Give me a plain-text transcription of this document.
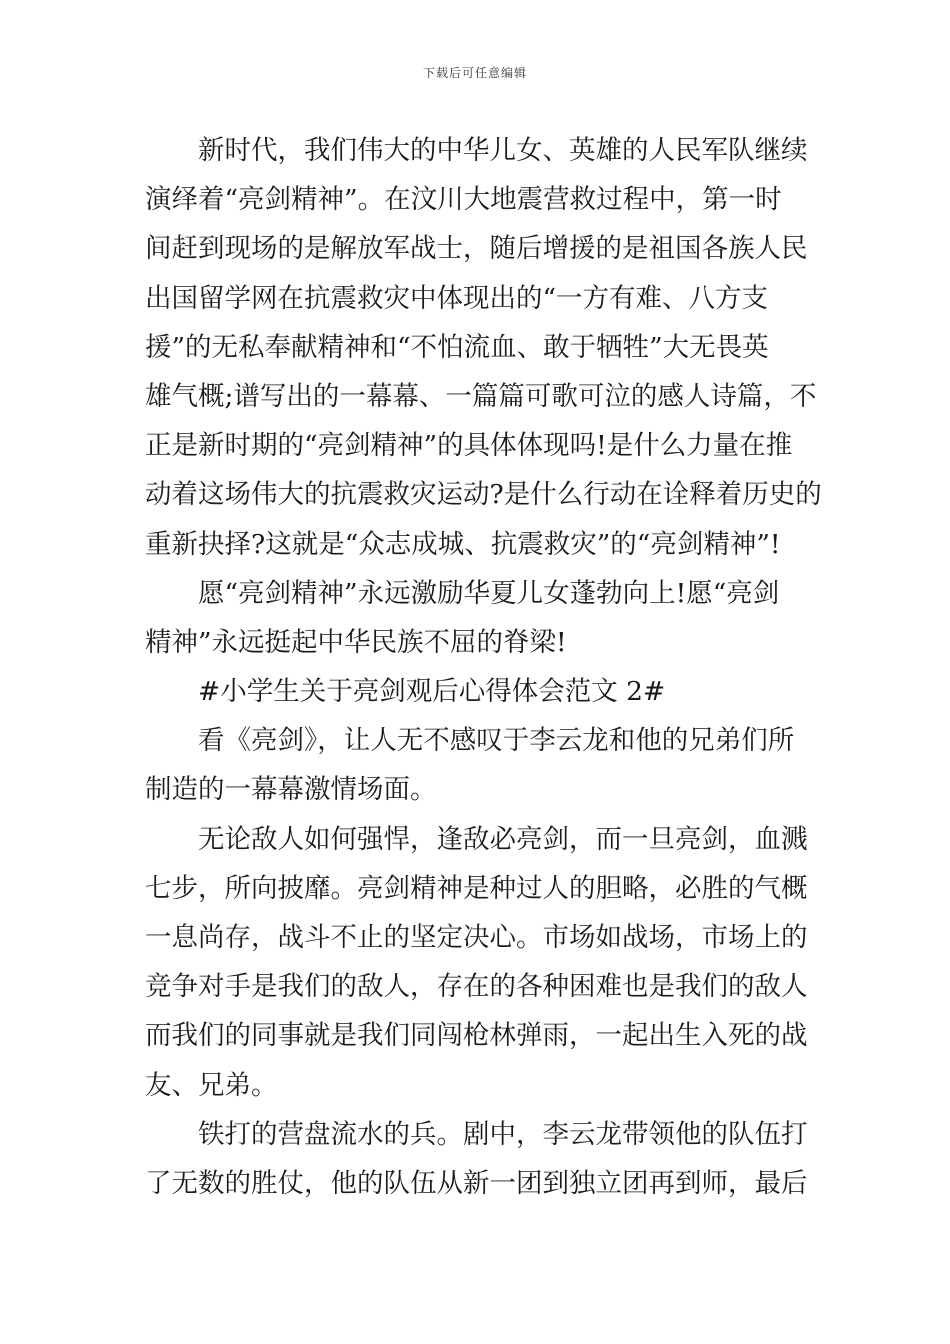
下载后可任意编辑
新时代，我们伟大的中华儿女、英雄的人民军队继续
演绎着“亮剑精神”。在汶川大地震营救过程中，第一时
间赶到现场的是解放军战士，随后增援的是祖国各族人民
出国留学网在抗震救灾中体现出的“一方有难、八方支
援”的无私奉献精神和“不怕流血、敢于牺牲”大无畏英
雄气概;谱写出的一幕幕、一篇篇可歌可泣的感人诗篇，不
正是新时期的“亮剑精神”的具体体现吗!是什么力量在推
动着这场伟大的抗震救灾运动?是什么行动在诠释着历史的
重新抉择?这就是“众志成城、抗震救灾”的“亮剑精神”!
愿“亮剑精神”永远激励华夏儿女蓬勃向上!愿“亮剑
精神”永远挺起中华民族不屈的脊梁!
#小学生关于亮剑观后心得体会范文 2#
看《亮剑》，让人无不感叹于李云龙和他的兄弟们所
制造的一幕幕激情场面。
无论敌人如何强悍，逢敌必亮剑，而一旦亮剑，血溅
七步，所向披靡。亮剑精神是种过人的胆略，必胜的气概
一息尚存，战斗不止的坚定决心。市场如战场，市场上的
竞争对手是我们的敌人，存在的各种困难也是我们的敌人
而我们的同事就是我们同闯枪林弹雨，一起出生入死的战
友、兄弟。
铁打的营盘流水的兵。剧中，李云龙带领他的队伍打
了无数的胜仗，他的队伍从新一团到独立团再到师，最后
